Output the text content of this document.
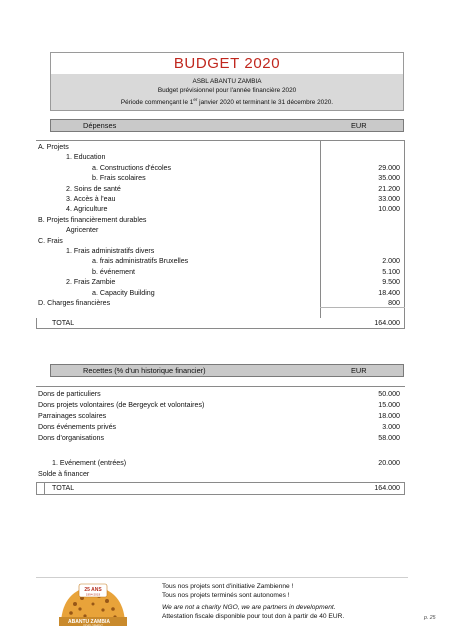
BUDGET 2020
ASBL ABANTU ZAMBIA
Budget prévisionnel pour l'année financière 2020
Période commençant le 1er janvier 2020 et terminant le 31 décembre 2020.
Dépenses	EUR
A. Projets
1. Education
a. Constructions d'écoles	29.000
b. Frais scolaires	35.000
2. Soins de santé	21.200
3. Accès à l'eau	33.000
4. Agriculture	10.000
B. Projets financièrement durables
Agricenter
C. Frais
1. Frais administratifs divers
a. frais administratifs Bruxelles	2.000
b. événement	5.100
2. Frais Zambie	9.500
a. Capacity Building	18.400
D. Charges financières	800
TOTAL	164.000
Recettes (% d'un historique financier)	EUR
Dons de particuliers	50.000
Dons projets volontaires (de Bergeyck et volontaires)	15.000
Parrainages scolaires	18.000
Dons événements privés	3.000
Dons d'organisations	58.000
1. Evénement (entrées)	20.000
Solde à financer
TOTAL	164.000
25 ANS
1994-2019
ABANTU ZAMBIA
DEVELOPMENT
Tous nos projets sont d'initiative Zambienne !
Tous nos projets terminés sont autonomes !
We are not a charity NGO, we are partners in development.
Attestation fiscale disponible pour tout don à partir de 40 EUR.	p. 25
